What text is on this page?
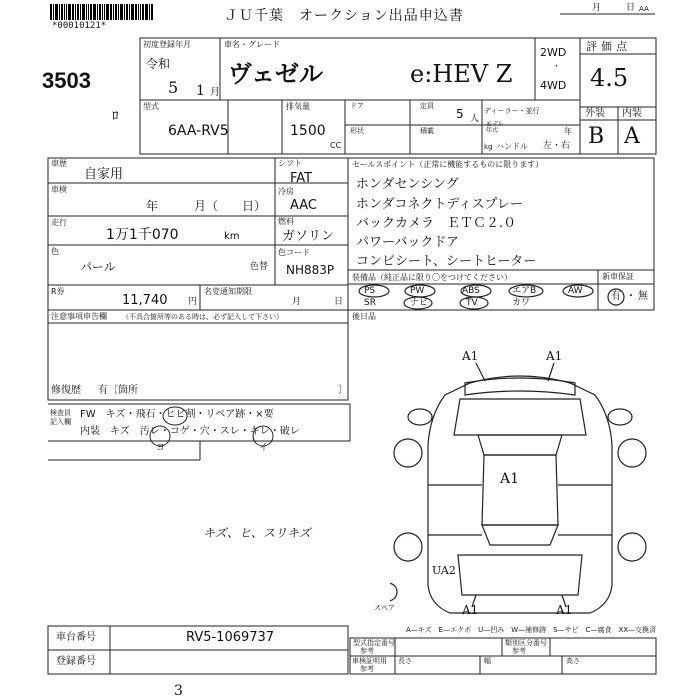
*00010121*
ＪＵ千葉　オークション出品申込書	月	日 AA
3503
ﾛ
初度登録年月
令和
5 1 月
車名・グレード
ヴェゼル	e:HEV Z
2WD
・
4WD
評価点
4.5
外装 内装
B A
型式
6AA-RV5
排気量
1500
CC
ドア
形状
定員
5 人
積載
ディーラー・並行
モデル年式	年
kg ハンドル 左・右
車歴
自家用
車検
年　　　月（　　日）
走行
1万1千070	km
色
パール	色替
R券
11,740 円
名変通知期限
月	日
シフト
FAT
冷房
AAC
燃料
ガソリン
色コード
NH883P
セールスポイント（正常に機能するものに限ります）
ホンダセンシング
ホンダコネクトディスプレー
バックカメラ　ＥＴＣ２.０
パワーバックドア
コンビシート、シートヒーター
装備品（純正品に限り〇をつけてください）	新車保証
PS	PW	ABS	エアB	AW
SR	ナビ	TV	カワ
有 無
・
後日品
注意事項申告欄 （不具合箇所等のある時は、必ず記入して下さい）
修復歴 有〔箇所	〕
検査員記入欄
FW　キズ・飛石・ヒビ割・リペア跡・×要
内装　キズ　汚レ・コゲ・穴・スレ・キレ・破レ
ヨ	イ
キズ、ヒ、スリキズ
A1	A1
A1
A1	A1
UA2
スペア
A—キズ　E—エクボ　U—凹み　W—補修跡　S—サビ　C—腐食　XX—交換済
車台番号	RV5-1069737
登録番号
型式指定番号
参考
類別区分番号
参考
車検証明用
参考
長さ	幅	高さ
3
